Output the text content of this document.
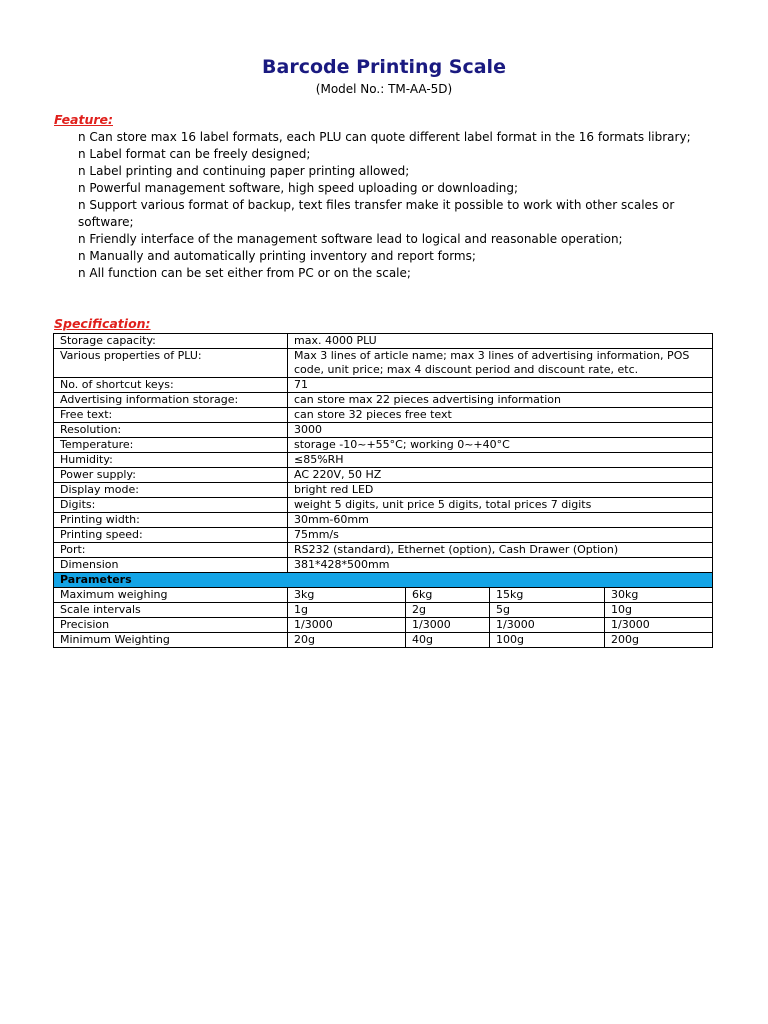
Barcode Printing Scale
(Model No.: TM-AA-5D)
Feature:
n Can store max 16 label formats, each PLU can quote different label format in the 16 formats library;
n Label format can be freely designed;
n Label printing and continuing paper printing allowed;
n Powerful management software, high speed uploading or downloading;
n Support various format of backup, text files transfer make it possible to work with other scales or software;
n Friendly interface of the management software lead to logical and reasonable operation;
n Manually and automatically printing inventory and report forms;
n All function can be set either from PC or on the scale;
Specification:
Storage capacity:	max. 4000 PLU			
Various properties of PLU:	Max 3 lines of article name; max 3 lines of advertising information, POS code, unit price; max 4 discount period and discount rate, etc.			
No. of shortcut keys:	71			
Advertising information storage:	can store max 22 pieces advertising information			
Free text:	can store 32 pieces free text			
Resolution:	3000			
Temperature:	storage -10~+55°C; working 0~+40°C			
Humidity:	≤85%RH			
Power supply:	AC 220V, 50 HZ			
Display mode:	bright red LED			
Digits:	weight 5 digits, unit price 5 digits, total prices 7 digits			
Printing width:	30mm-60mm			
Printing speed:	75mm/s			
Port:	RS232 (standard), Ethernet (option), Cash Drawer (Option)			
Dimension	381*428*500mm			
Parameters				
Maximum weighing	3kg	6kg	15kg	30kg
Scale intervals	1g	2g	5g	10g
Precision	1/3000	1/3000	1/3000	1/3000
Minimum Weighting	20g	40g	100g	200g
